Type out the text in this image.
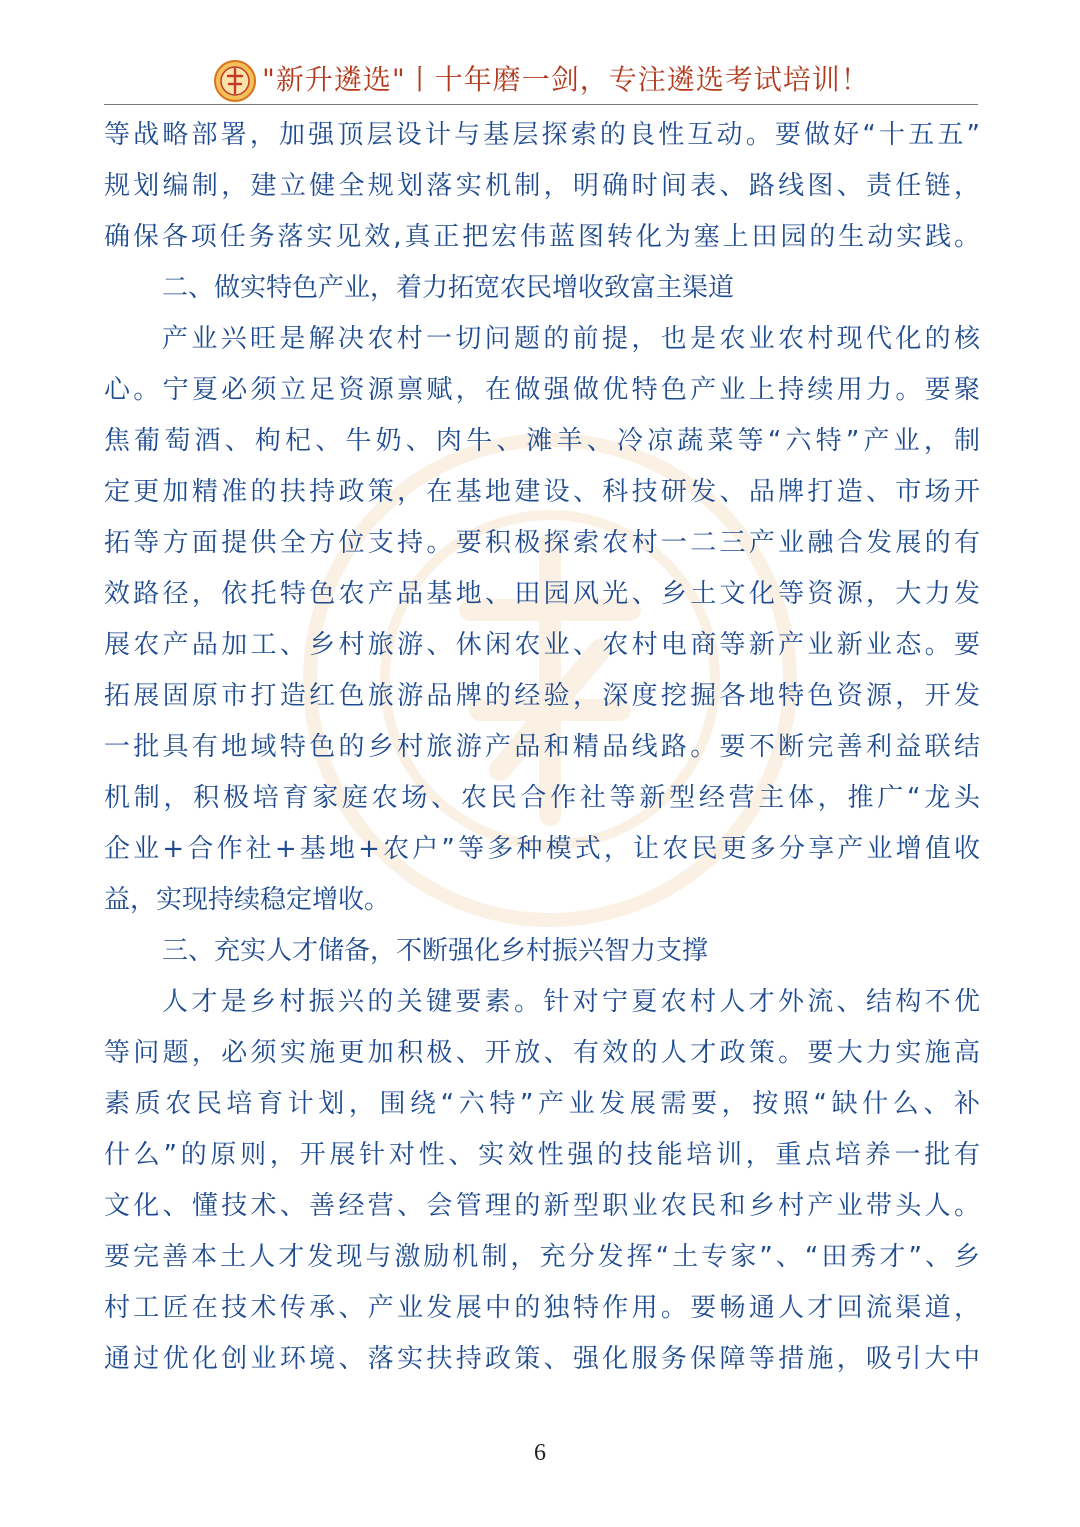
"新升遴选"丨十年磨一剑，专注遴选考试培训！
等战略部署，加强顶层设计与基层探索的良性互动。要做好“十五五”
规划编制，建立健全规划落实机制，明确时间表、路线图、责任链，
确保各项任务落实见效,真正把宏伟蓝图转化为塞上田园的生动实践。
二、做实特色产业，着力拓宽农民增收致富主渠道
产业兴旺是解决农村一切问题的前提，也是农业农村现代化的核
心。宁夏必须立足资源禀赋，在做强做优特色产业上持续用力。要聚
焦葡萄酒、枸杞、牛奶、肉牛、滩羊、冷凉蔬菜等“六特”产业，制
定更加精准的扶持政策，在基地建设、科技研发、品牌打造、市场开
拓等方面提供全方位支持。要积极探索农村一二三产业融合发展的有
效路径，依托特色农产品基地、田园风光、乡土文化等资源，大力发
展农产品加工、乡村旅游、休闲农业、农村电商等新产业新业态。要
拓展固原市打造红色旅游品牌的经验，深度挖掘各地特色资源，开发
一批具有地域特色的乡村旅游产品和精品线路。要不断完善利益联结
机制，积极培育家庭农场、农民合作社等新型经营主体，推广“龙头
企业+合作社+基地+农户”等多种模式，让农民更多分享产业增值收
益，实现持续稳定增收。
三、充实人才储备，不断强化乡村振兴智力支撑
人才是乡村振兴的关键要素。针对宁夏农村人才外流、结构不优
等问题，必须实施更加积极、开放、有效的人才政策。要大力实施高
素质农民培育计划，围绕“六特”产业发展需要，按照“缺什么、补
什么”的原则，开展针对性、实效性强的技能培训，重点培养一批有
文化、懂技术、善经营、会管理的新型职业农民和乡村产业带头人。
要完善本土人才发现与激励机制，充分发挥“土专家”、“田秀才”、乡
村工匠在技术传承、产业发展中的独特作用。要畅通人才回流渠道，
通过优化创业环境、落实扶持政策、强化服务保障等措施，吸引大中
6
